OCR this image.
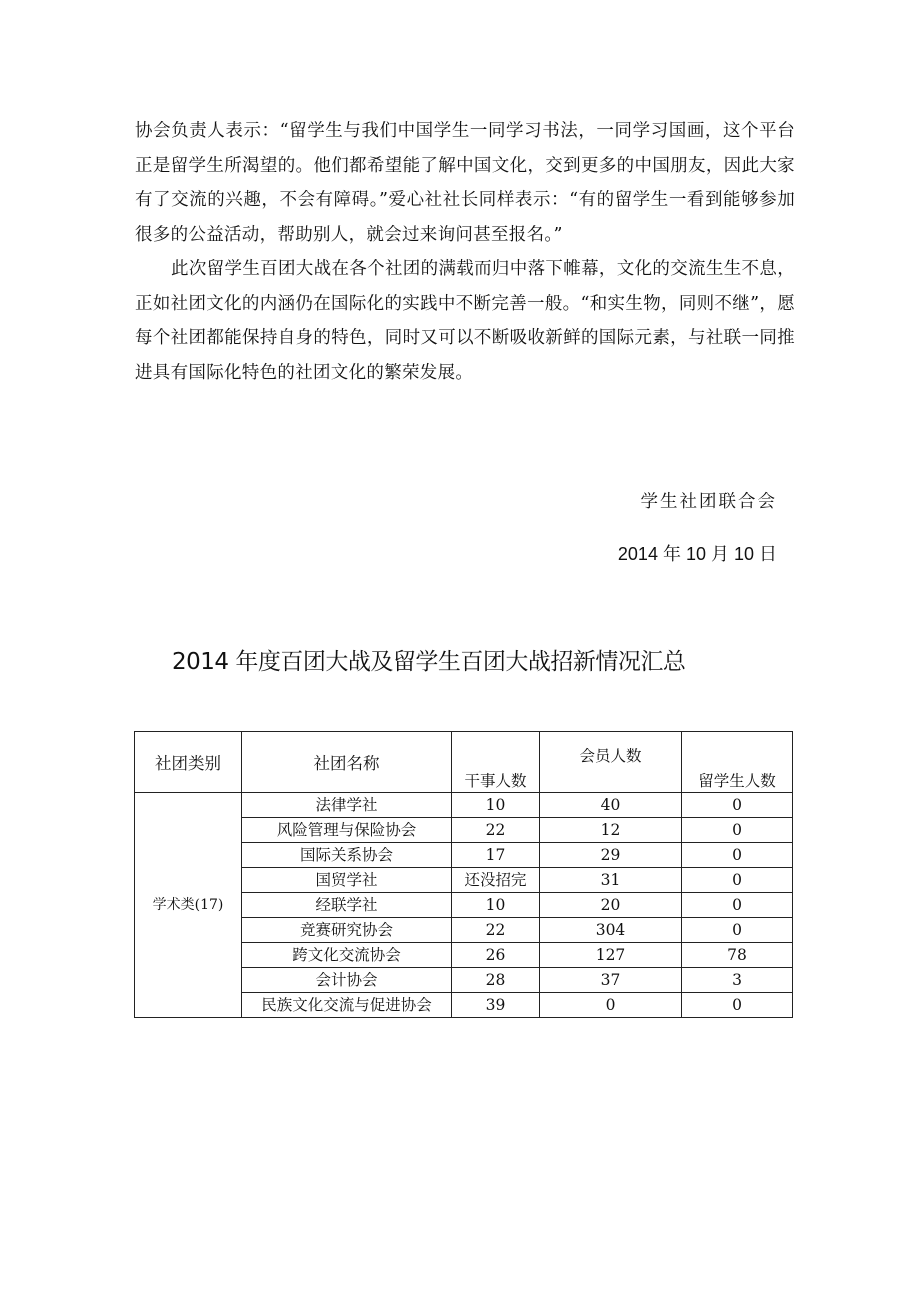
协会负责人表示：“留学生与我们中国学生一同学习书法，一同学习国画，这个平台正是留学生所渴望的。他们都希望能了解中国文化，交到更多的中国朋友，因此大家有了交流的兴趣，不会有障碍。”爱心社社长同样表示：“有的留学生一看到能够参加很多的公益活动，帮助别人，就会过来询问甚至报名。”

此次留学生百团大战在各个社团的满载而归中落下帷幕，文化的交流生生不息，正如社团文化的内涵仍在国际化的实践中不断完善一般。“和实生物，同则不继”，愿每个社团都能保持自身的特色，同时又可以不断吸收新鲜的国际元素，与社联一同推进具有国际化特色的社团文化的繁荣发展。

学生社团联合会

2014 年 10 月 10 日

2014 年度百团大战及留学生百团大战招新情况汇总
社团类别	社团名称	干事人数	会员人数	留学生人数
学术类(17)	法律学社	10	40	0
	风险管理与保险协会	22	12	0
	国际关系协会	17	29	0
	国贸学社	还没招完	31	0
	经联学社	10	20	0
	竞赛研究协会	22	304	0
	跨文化交流协会	26	127	78
	会计协会	28	37	3
	民族文化交流与促进协会	39	0	0
